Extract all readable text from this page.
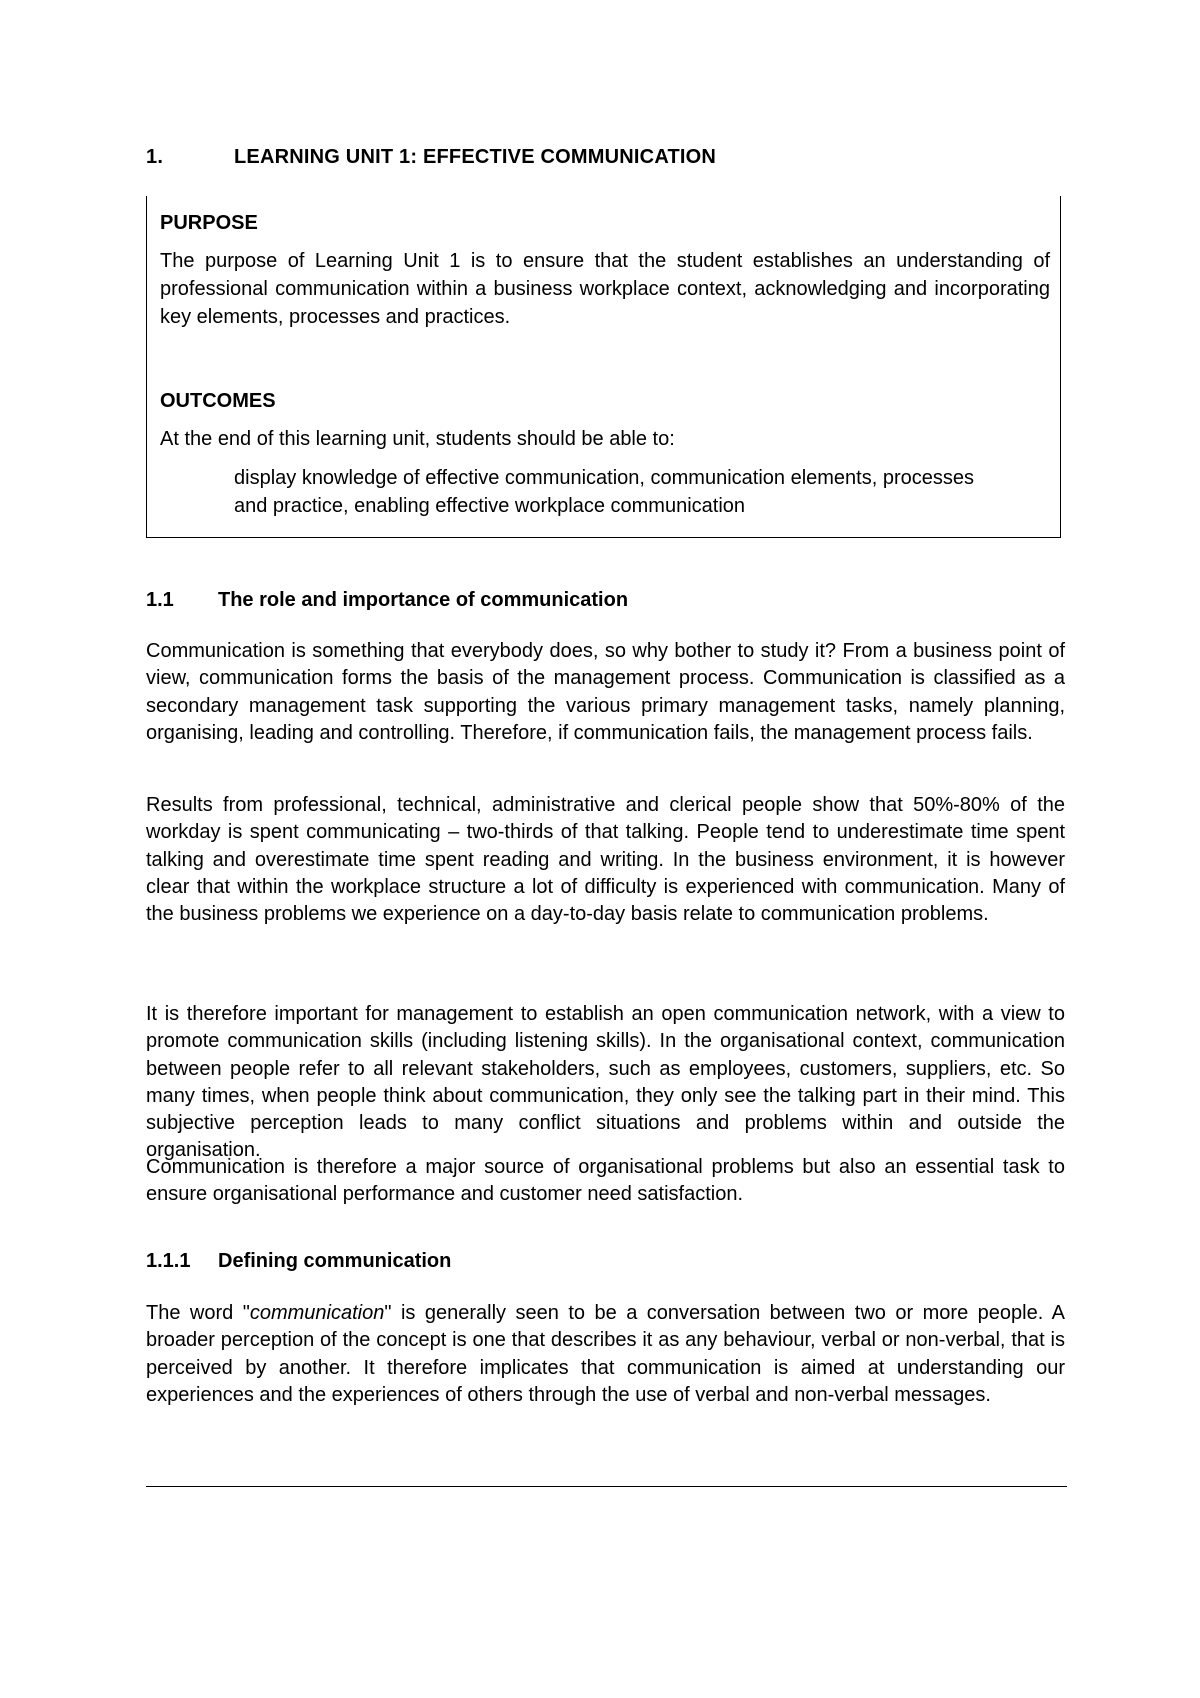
1.	LEARNING UNIT 1: EFFECTIVE COMMUNICATION
PURPOSE
The purpose of Learning Unit 1 is to ensure that the student establishes an understanding of professional communication within a business workplace context, acknowledging and incorporating key elements, processes and practices.
OUTCOMES
At the end of this learning unit, students should be able to:
display knowledge of effective communication, communication elements, processes and practice, enabling effective workplace communication
1.1 The role and importance of communication
Communication is something that everybody does, so why bother to study it? From a business point of view, communication forms the basis of the management process. Communication is classified as a secondary management task supporting the various primary management tasks, namely planning, organising, leading and controlling. Therefore, if communication fails, the management process fails.
Results from professional, technical, administrative and clerical people show that 50%-80% of the workday is spent communicating – two-thirds of that talking. People tend to underestimate time spent talking and overestimate time spent reading and writing. In the business environment, it is however clear that within the workplace structure a lot of difficulty is experienced with communication. Many of the business problems we experience on a day-to-day basis relate to communication problems.
It is therefore important for management to establish an open communication network, with a view to promote communication skills (including listening skills). In the organisational context, communication between people refer to all relevant stakeholders, such as employees, customers, suppliers, etc. So many times, when people think about communication, they only see the talking part in their mind. This subjective perception leads to many conflict situations and problems within and outside the organisation.
Communication is therefore a major source of organisational problems but also an essential task to ensure organisational performance and customer need satisfaction.
1.1.1 Defining communication
The word "communication" is generally seen to be a conversation between two or more people. A broader perception of the concept is one that describes it as any behaviour, verbal or non-verbal, that is perceived by another. It therefore implicates that communication is aimed at understanding our experiences and the experiences of others through the use of verbal and non-verbal messages.
